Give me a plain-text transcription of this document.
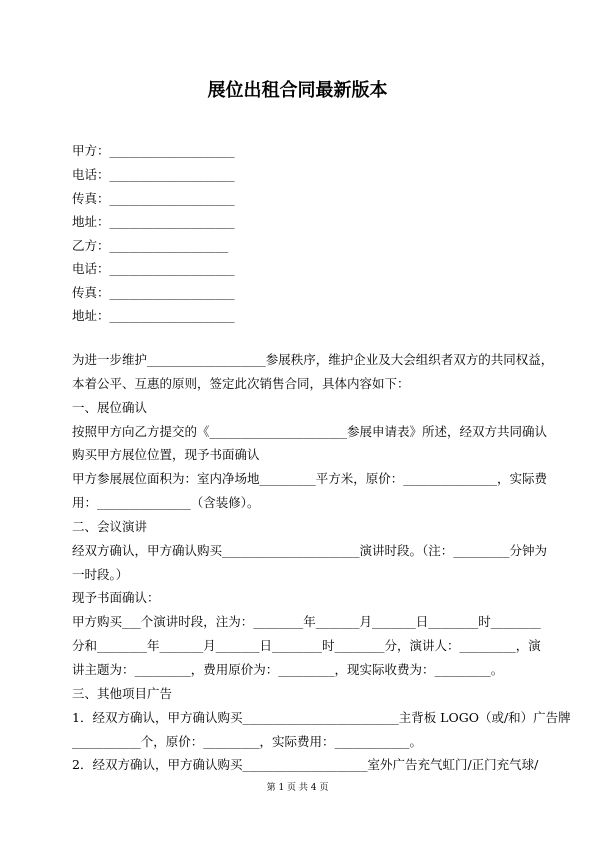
展位出租合同最新版本
甲方：____________________
电话：____________________
传真：____________________
地址：____________________
乙方：___________________
电话：____________________
传真：____________________
地址：____________________
为进一步维护___________________参展秩序，维护企业及大会组织者双方的共同权益，
本着公平、互惠的原则，签定此次销售合同，具体内容如下：
一、展位确认
按照甲方向乙方提交的《______________________参展申请表》所述，经双方共同确认
购买甲方展位位置，现予书面确认
甲方参展展位面积为：室内净场地_________平方米，原价：_______________，实际费
用：_______________（含装修）。
二、会议演讲
经双方确认，甲方确认购买______________________演讲时段。（注：_________分钟为
一时段。）
现予书面确认：
甲方购买___个演讲时段，注为：________年_______月_______日________时________
分和________年_______月_______日________时________分，演讲人：_________，演
讲主题为：_________，费用原价为：_________，现实际收费为：_________。
三、其他项目广告
1．经双方确认，甲方确认购买_________________________主背板 LOGO（或/和）广告牌
___________个，原价：_________，实际费用：____________。
2．经双方确认，甲方确认购买____________________室外广告充气虹门/正门充气球/
第 1 页 共 4 页
